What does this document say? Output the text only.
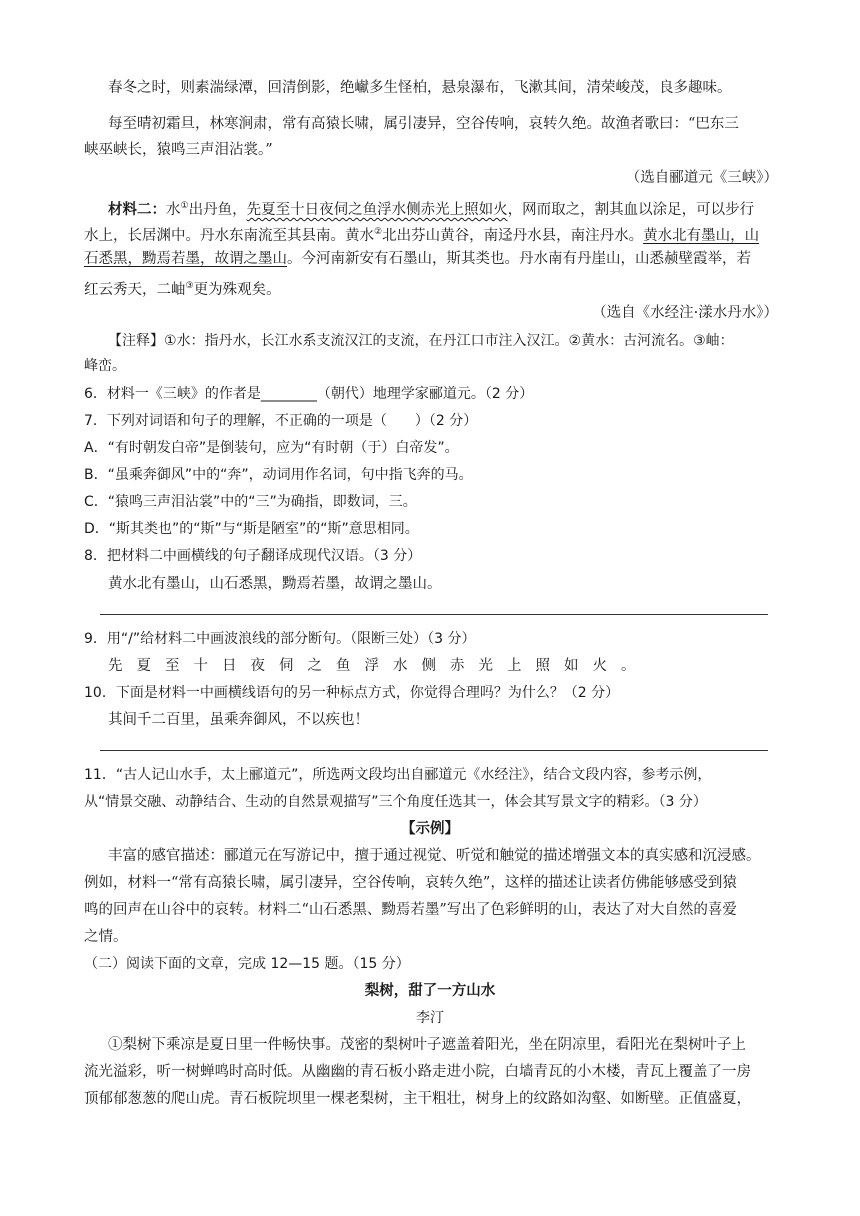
春冬之时，则素湍绿潭，回清倒影，绝𪩘多生怪柏，悬泉瀑布，飞漱其间，清荣峻茂，良多趣味。
每至晴初霜旦，林寒涧肃，常有高猿长啸，属引凄异，空谷传响，哀转久绝。故渔者歌曰：“巴东三
峡巫峡长，猿鸣三声泪沾裳。”
（选自郦道元《三峡》）
材料二：水①出丹鱼，先夏至十日夜伺之鱼浮水侧赤光上照如火，网而取之，割其血以涂足，可以步行
水上，长居渊中。丹水东南流至其县南。黄水②北出芬山黄谷，南迳丹水县，南注丹水。黄水北有墨山，山
石悉黑，黝焉若墨，故谓之墨山。今河南新安有石墨山，斯其类也。丹水南有丹崖山，山悉赪壁霞举，若
红云秀天，二岫③更为殊观矣。
（选自《水经注·漾水丹水》）
【注释】①水：指丹水，长江水系支流汉江的支流，在丹江口市注入汉江。②黄水：古河流名。③岫：
峰峦。
6．材料一《三峡》的作者是________（朝代）地理学家郦道元。（2 分）
7．下列对词语和句子的理解，不正确的一项是（　　）（2 分）
A．“有时朝发白帝”是倒装句，应为“有时朝（于）白帝发”。
B．“虽乘奔御风”中的“奔”，动词用作名词，句中指飞奔的马。
C．“猿鸣三声泪沾裳”中的“三”为确指，即数词，三。
D．“斯其类也”的“斯”与“斯是陋室”的“斯”意思相同。
8．把材料二中画横线的句子翻译成现代汉语。（3 分）
黄水北有墨山，山石悉黑，黝焉若墨，故谓之墨山。
9．用“/”给材料二中画波浪线的部分断句。（限断三处）（3 分）
先夏至十日夜伺之鱼浮水侧赤光上照如火。
10．下面是材料一中画横线语句的另一种标点方式，你觉得合理吗？为什么？（2 分）
其间千二百里，虽乘奔御风，不以疾也！
11．“古人记山水手，太上郦道元”，所选两文段均出自郦道元《水经注》，结合文段内容，参考示例，
从“情景交融、动静结合、生动的自然景观描写”三个角度任选其一，体会其写景文字的精彩。（3 分）
【示例】
丰富的感官描述：郦道元在写游记中，擅于通过视觉、听觉和触觉的描述增强文本的真实感和沉浸感。
例如，材料一“常有高猿长啸，属引凄异，空谷传响，哀转久绝”，这样的描述让读者仿佛能够感受到猿
鸣的回声在山谷中的哀转。材料二“山石悉黑、黝焉若墨”写出了色彩鲜明的山，表达了对大自然的喜爱
之情。
（二）阅读下面的文章，完成 12—15 题。（15 分）
梨树，甜了一方山水
李汀
①梨树下乘凉是夏日里一件畅快事。茂密的梨树叶子遮盖着阳光，坐在阴凉里，看阳光在梨树叶子上
流光溢彩，听一树蝉鸣时高时低。从幽幽的青石板小路走进小院，白墙青瓦的小木楼，青瓦上覆盖了一房
顶郁郁葱葱的爬山虎。青石板院坝里一棵老梨树，主干粗壮，树身上的纹路如沟壑、如断壁。正值盛夏，
